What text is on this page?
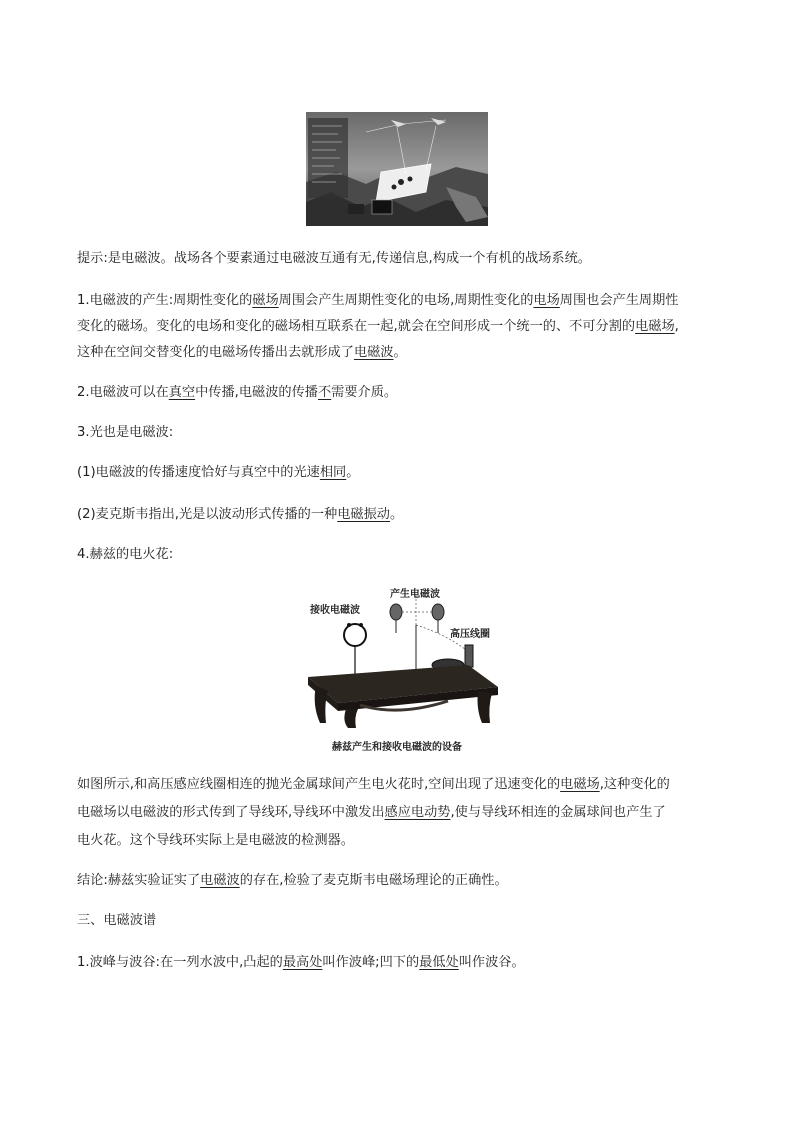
提示:是电磁波。战场各个要素通过电磁波互通有无,传递信息,构成一个有机的战场系统。

1.电磁波的产生:周期性变化的磁场周围会产生周期性变化的电场,周期性变化的电场周围也会产生周期性

变化的磁场。变化的电场和变化的磁场相互联系在一起,就会在空间形成一个统一的、不可分割的电磁场,

这种在空间交替变化的电磁场传播出去就形成了电磁波。

2.电磁波可以在真空中传播,电磁波的传播不需要介质。

3.光也是电磁波:

(1)电磁波的传播速度恰好与真空中的光速相同。

(2)麦克斯韦指出,光是以波动形式传播的一种电磁振动。

4.赫兹的电火花:

接收电磁波
产生电磁波
高压线圈
赫兹产生和接收电磁波的设备

如图所示,和高压感应线圈相连的抛光金属球间产生电火花时,空间出现了迅速变化的电磁场,这种变化的

电磁场以电磁波的形式传到了导线环,导线环中激发出感应电动势,使与导线环相连的金属球间也产生了

电火花。这个导线环实际上是电磁波的检测器。

结论:赫兹实验证实了电磁波的存在,检验了麦克斯韦电磁场理论的正确性。

三、电磁波谱

1.波峰与波谷:在一列水波中,凸起的最高处叫作波峰;凹下的最低处叫作波谷。
